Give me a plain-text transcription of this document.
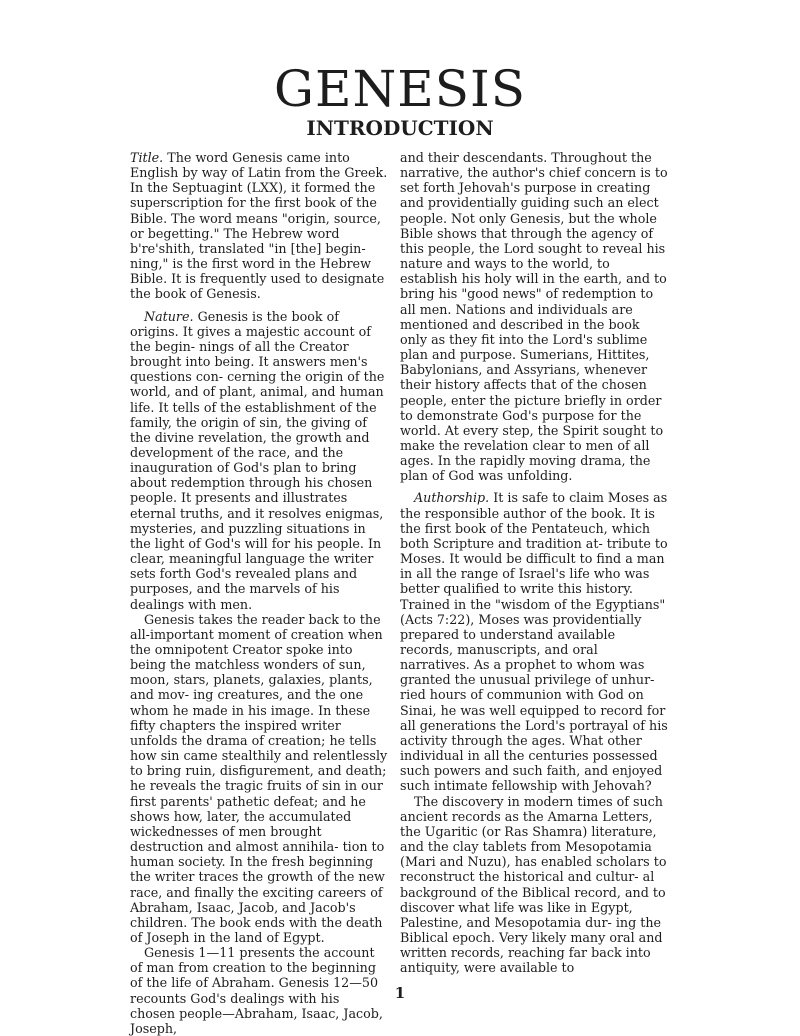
GENESIS
INTRODUCTION

Title. The word Genesis came into English by way of Latin from the Greek. In the Septuagint (LXX), it formed the superscription for the first book of the Bible. The word means "origin, source, or begetting." The Hebrew word b're'shith, translated "in [the] begin- ning," is the first word in the Hebrew Bible. It is frequently used to designate the book of Genesis.

Nature. Genesis is the book of origins. It gives a majestic account of the begin- nings of all the Creator brought into being. It answers men's questions con- cerning the origin of the world, and of plant, animal, and human life. It tells of the establishment of the family, the origin of sin, the giving of the divine revelation, the growth and development of the race, and the inauguration of God's plan to bring about redemption through his chosen people. It presents and illustrates eternal truths, and it resolves enigmas, mysteries, and puzzling situations in the light of God's will for his people. In clear, meaningful language the writer sets forth God's revealed plans and purposes, and the marvels of his dealings with men.

Genesis takes the reader back to the all-important moment of creation when the omnipotent Creator spoke into being the matchless wonders of sun, moon, stars, planets, galaxies, plants, and mov- ing creatures, and the one whom he made in his image. In these fifty chapters the inspired writer unfolds the drama of creation; he tells how sin came stealthily and relentlessly to bring ruin, disfigurement, and death; he reveals the tragic fruits of sin in our first parents' pathetic defeat; and he shows how, later, the accumulated wickednesses of men brought destruction and almost annihila- tion to human society. In the fresh beginning the writer traces the growth of the new race, and finally the exciting careers of Abraham, Isaac, Jacob, and Jacob's children. The book ends with the death of Joseph in the land of Egypt.

Genesis 1—11 presents the account of man from creation to the beginning of the life of Abraham. Genesis 12—50 recounts God's dealings with his chosen people—Abraham, Isaac, Jacob, Joseph,

and their descendants. Throughout the narrative, the author's chief concern is to set forth Jehovah's purpose in creating and providentially guiding such an elect people. Not only Genesis, but the whole Bible shows that through the agency of this people, the Lord sought to reveal his nature and ways to the world, to establish his holy will in the earth, and to bring his "good news" of redemption to all men. Nations and individuals are mentioned and described in the book only as they fit into the Lord's sublime plan and purpose. Sumerians, Hittites, Babylonians, and Assyrians, whenever their history affects that of the chosen people, enter the picture briefly in order to demonstrate God's purpose for the world. At every step, the Spirit sought to make the revelation clear to men of all ages. In the rapidly moving drama, the plan of God was unfolding.

Authorship. It is safe to claim Moses as the responsible author of the book. It is the first book of the Pentateuch, which both Scripture and tradition at- tribute to Moses. It would be difficult to find a man in all the range of Israel's life who was better qualified to write this history. Trained in the "wisdom of the Egyptians" (Acts 7:22), Moses was providentially prepared to understand available records, manuscripts, and oral narratives. As a prophet to whom was granted the unusual privilege of unhur- ried hours of communion with God on Sinai, he was well equipped to record for all generations the Lord's portrayal of his activity through the ages. What other individual in all the centuries possessed such powers and such faith, and enjoyed such intimate fellowship with Jehovah?

The discovery in modern times of such ancient records as the Amarna Letters, the Ugaritic (or Ras Shamra) literature, and the clay tablets from Mesopotamia (Mari and Nuzu), has enabled scholars to reconstruct the historical and cultur- al background of the Biblical record, and to discover what life was like in Egypt, Palestine, and Mesopotamia dur- ing the Biblical epoch. Very likely many oral and written records, reaching far back into antiquity, were available to

1
